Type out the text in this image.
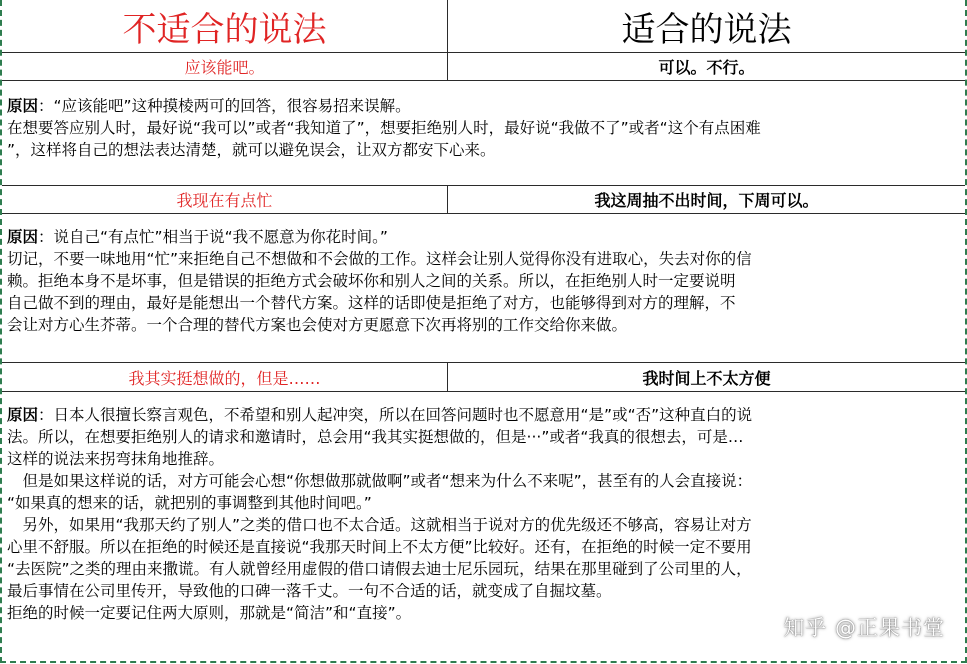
不适合的说法	适合的说法
应该能吧。	可以。不行。
原因：“应该能吧”这种摸棱两可的回答，很容易招来误解。
在想要答应别人时，最好说“我可以”或者“我知道了”，想要拒绝别人时，最好说“我做不了”或者“这个有点困难
”，这样将自己的想法表达清楚，就可以避免误会，让双方都安下心来。
我现在有点忙	我这周抽不出时间，下周可以。
原因：说自己“有点忙”相当于说“我不愿意为你花时间。”
切记，不要一味地用“忙”来拒绝自己不想做和不会做的工作。这样会让别人觉得你没有进取心，失去对你的信
赖。拒绝本身不是坏事，但是错误的拒绝方式会破坏你和别人之间的关系。所以，在拒绝别人时一定要说明
自己做不到的理由，最好是能想出一个替代方案。这样的话即使是拒绝了对方，也能够得到对方的理解，不
会让对方心生芥蒂。一个合理的替代方案也会使对方更愿意下次再将别的工作交给你来做。
我其实挺想做的，但是……	我时间上不太方便
原因：日本人很擅长察言观色，不希望和别人起冲突，所以在回答问题时也不愿意用“是”或“否”这种直白的说
法。所以，在想要拒绝别人的请求和邀请时，总会用“我其实挺想做的，但是···”或者“我真的很想去，可是…
这样的说法来拐弯抹角地推辞。
　但是如果这样说的话，对方可能会心想“你想做那就做啊”或者“想来为什么不来呢”，甚至有的人会直接说：
“如果真的想来的话，就把别的事调整到其他时间吧。”
　另外，如果用“我那天约了别人”之类的借口也不太合适。这就相当于说对方的优先级还不够高，容易让对方
心里不舒服。所以在拒绝的时候还是直接说“我那天时间上不太方便”比较好。还有，在拒绝的时候一定不要用
“去医院”之类的理由来撒谎。有人就曾经用虚假的借口请假去迪士尼乐园玩，结果在那里碰到了公司里的人，
最后事情在公司里传开，导致他的口碑一落千丈。一句不合适的话，就变成了自掘坟墓。
拒绝的时候一定要记住两大原则，那就是“简洁”和“直接”。
知乎 @正果书堂
